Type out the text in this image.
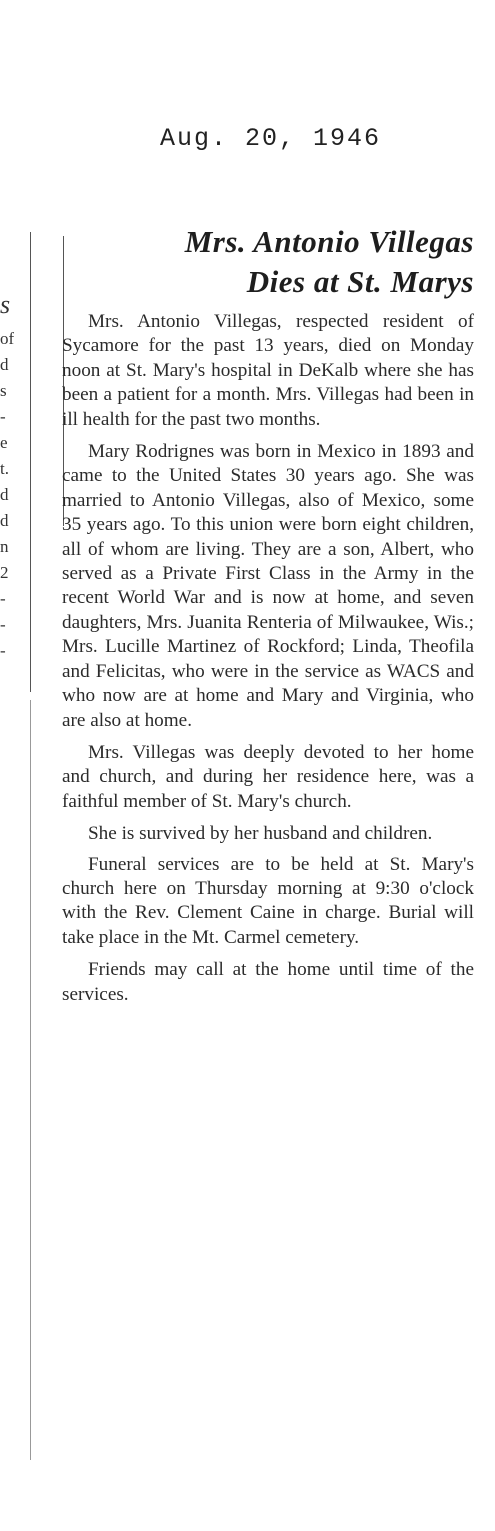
Aug. 20, 1946
s
of
d
s
-
e
t.
d
d
n
2
-
-
-
Mrs. Antonio Villegas
Dies at St. Marys

Mrs. Antonio Villegas, respected resident of Sycamore for the past 13 years, died on Monday noon at St. Mary's hospital in DeKalb where she has been a patient for a month. Mrs. Villegas had been in ill health for the past two months.

Mary Rodrignes was born in Mexico in 1893 and came to the United States 30 years ago. She was married to Antonio Villegas, also of Mexico, some 35 years ago. To this union were born eight children, all of whom are living. They are a son, Albert, who served as a Private First Class in the Army in the recent World War and is now at home, and seven daughters, Mrs. Juanita Renteria of Milwaukee, Wis.; Mrs. Lucille Martinez of Rockford; Linda, Theofila and Felicitas, who were in the service as WACS and who now are at home and Mary and Virginia, who are also at home.

Mrs. Villegas was deeply devoted to her home and church, and during her residence here, was a faithful member of St. Mary's church.

She is survived by her husband and children.

Funeral services are to be held at St. Mary's church here on Thursday morning at 9:30 o'clock with the Rev. Clement Caine in charge. Burial will take place in the Mt. Carmel cemetery.

Friends may call at the home until time of the services.
